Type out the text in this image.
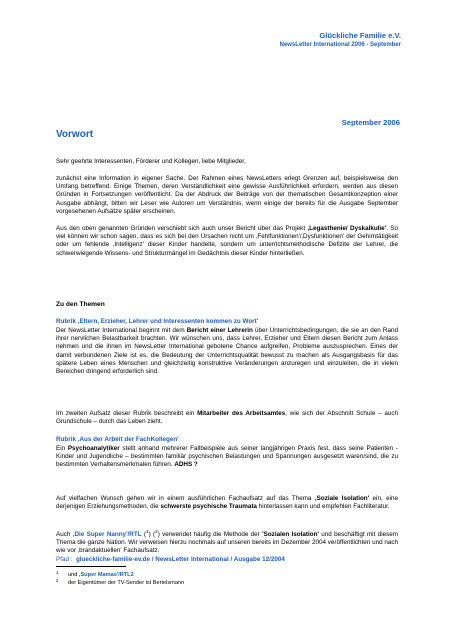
Glückliche Familie e.V.
NewsLetter International 2006 - September
September 2006
Vorwort
Sehr geehrte Interessenten, Förderer und Kollegen, liebe Mitglieder,
zunächst eine Information in eigener Sache. Der Rahmen eines NewsLetters erlegt Grenzen auf, beispielsweise den Umfang betreffend. Einige Themen, deren Verständlichkeit eine gewisse Ausführlichkeit erfordern, werden aus diesen Gründen in Fortsetzungen veröffentlicht. Da der Abdruck der Beiträge von der thematischen Gesamtkonzeption einer Ausgabe abhängt, bitten wir Leser wie Autoren um Verständnis, wenn einige der bereits für die Ausgabe September vorgesehenen Aufsätze später erscheinen.
Aus den oben genannten Gründen verschiebt sich auch unser Bericht über das Projekt ‚Legasthenie/ Dyskalkulie'. So viel können wir schon sagen, dass es sich bei den Ursachen nicht um ‚Fehlfunktionen'/‚Dysfunktionen' der Gehirntätigkeit oder um fehlende ‚Intelligenz' dieser Kinder handelte, sondern um unterrichtsmethodische Defizite der Lehrer, die schwerwiegende Wissens- und Strukturmängel im Gedächtnis dieser Kinder hinterließen.
Zu den Themen
Rubrik ‚Eltern, Erzieher, Lehrer und Interessenten kommen zu Wort'
Der NewsLetter International beginnt mit dem Bericht einer Lehrerin über Unterrichtsbedingungen, die sie an den Rand ihrer nervlichen Belastbarkeit brachten. Wir wünschen uns, dass Lehrer, Erzieher und Eltern diesen Bericht zum Anlass nehmen und die ihnen im NewsLetter International gebotene Chance aufgreifen, Probleme auszusprechen. Eines der damit verbundenen Ziele ist es, die Bedeutung der Unterrichtsqualität bewusst zu machen als Ausgangsbasis für das spätere Leben eines Menschen und gleichzeitig konstruktive Veränderungen anzuregen und einzuleiten, die in vielen Bereichen dringend erforderlich sind.
Im zweiten Aufsatz dieser Rubrik beschreibt ein Mitarbeiter des Arbeitsamtes, wie sich der Abschnitt Schule – auch Grundschule – durch das Leben zieht.
Rubrik ‚Aus der Arbeit der FachKollegen'
Ein Psychoanalytiker stellt anhand mehrerer Fallbeispiele aus seiner langjährigen Praxis fest, dass seine Patienten - Kinder und Jugendliche – bestimmten familiär psychischen Belastungen und Spannungen ausgesetzt waren/sind, die zu bestimmten Verhaltensmerkmalen führen. ADHS ?
Auf vielfachen Wunsch gehen wir in einem ausführlichen Fachaufsatz auf das Thema ‚Soziale Isolation' ein, eine derjenigen Erziehungsmethoden, die schwerste psychische Traumata hinterlassen kann und empfehlen Fachliteratur.
Auch ‚Die Super Nanny'/RTL ($^1$) ($^2$) verwendet häufig die Methode der 'Sozialen Isolation' und beschäftigt mit diesem Thema die ganze Nation. Wir verweisen hierzu nochmals auf unseren bereits im Dezember 2004 veröffentlichten und nach wie vor ‚brandaktuellen' Fachaufsatz.
Pfad : glueckliche-familie-ev.de / NewsLetter International / Ausgabe 12/2004
1 und ‚Super Mamas'/RTL2
2 der Eigentümer der TV-Sender ist Bertelsmann
